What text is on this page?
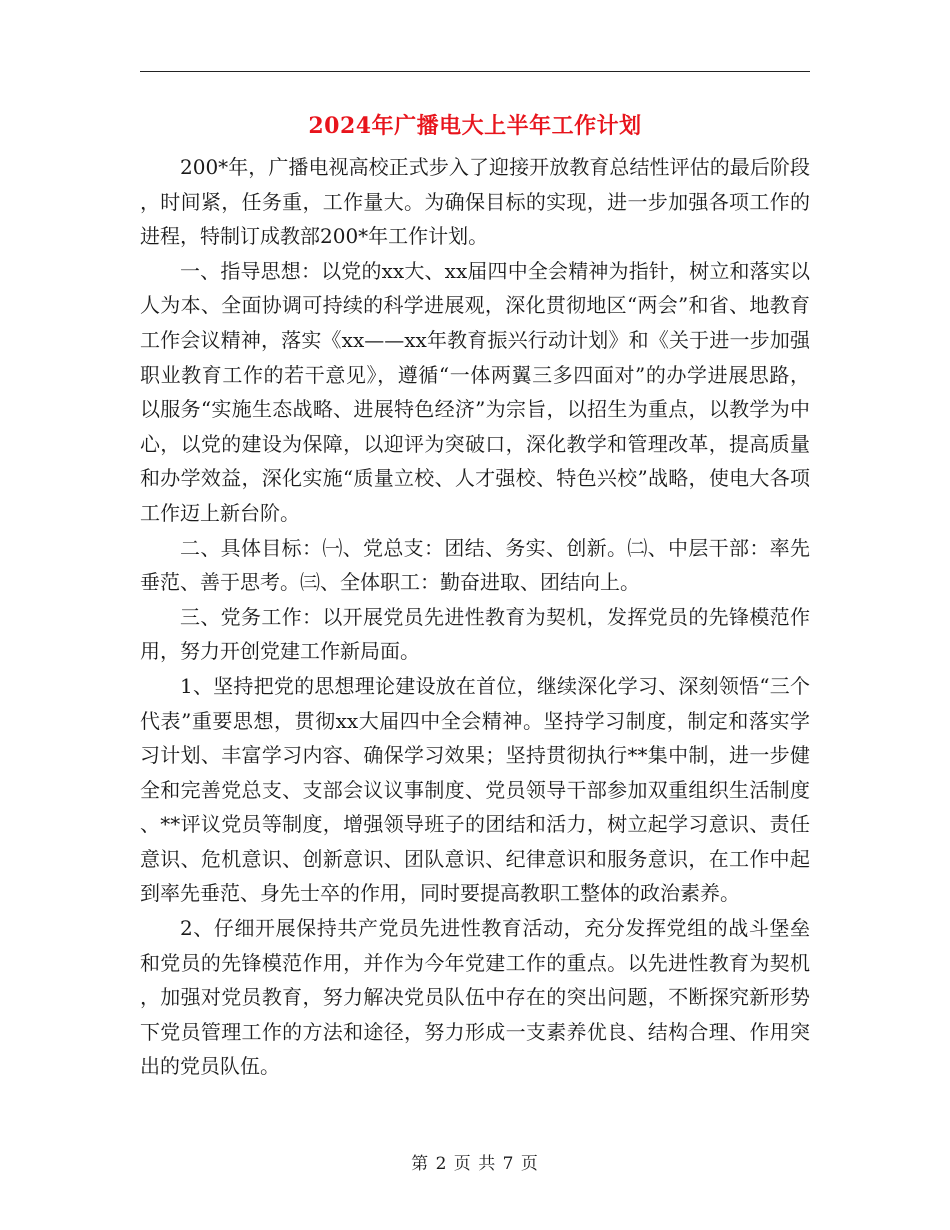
2024年广播电大上半年工作计划

200*年，广播电视高校正式步入了迎接开放教育总结性评估的最后阶段，时间紧，任务重，工作量大。为确保目标的实现，进一步加强各项工作的进程，特制订成教部200*年工作计划。

一、指导思想：以党的xx大、xx届四中全会精神为指针，树立和落实以人为本、全面协调可持续的科学进展观，深化贯彻地区“两会”和省、地教育工作会议精神，落实《xx——xx年教育振兴行动计划》和《关于进一步加强职业教育工作的若干意见》，遵循“一体两翼三多四面对”的办学进展思路，以服务“实施生态战略、进展特色经济”为宗旨，以招生为重点，以教学为中心，以党的建设为保障，以迎评为突破口，深化教学和管理改革，提高质量和办学效益，深化实施“质量立校、人才强校、特色兴校”战略，使电大各项工作迈上新台阶。

二、具体目标：㈠、党总支：团结、务实、创新。㈡、中层干部：率先垂范、善于思考。㈢、全体职工：勤奋进取、团结向上。

三、党务工作：以开展党员先进性教育为契机，发挥党员的先锋模范作用，努力开创党建工作新局面。

1、坚持把党的思想理论建设放在首位，继续深化学习、深刻领悟“三个代表”重要思想，贯彻xx大届四中全会精神。坚持学习制度，制定和落实学习计划、丰富学习内容、确保学习效果；坚持贯彻执行**集中制，进一步健全和完善党总支、支部会议议事制度、党员领导干部参加双重组织生活制度、**评议党员等制度，增强领导班子的团结和活力，树立起学习意识、责任意识、危机意识、创新意识、团队意识、纪律意识和服务意识，在工作中起到率先垂范、身先士卒的作用，同时要提高教职工整体的政治素养。

2、仔细开展保持共产党员先进性教育活动，充分发挥党组的战斗堡垒和党员的先锋模范作用，并作为今年党建工作的重点。以先进性教育为契机，加强对党员教育，努力解决党员队伍中存在的突出问题，不断探究新形势下党员管理工作的方法和途径，努力形成一支素养优良、结构合理、作用突出的党员队伍。

第 2 页 共 7 页
